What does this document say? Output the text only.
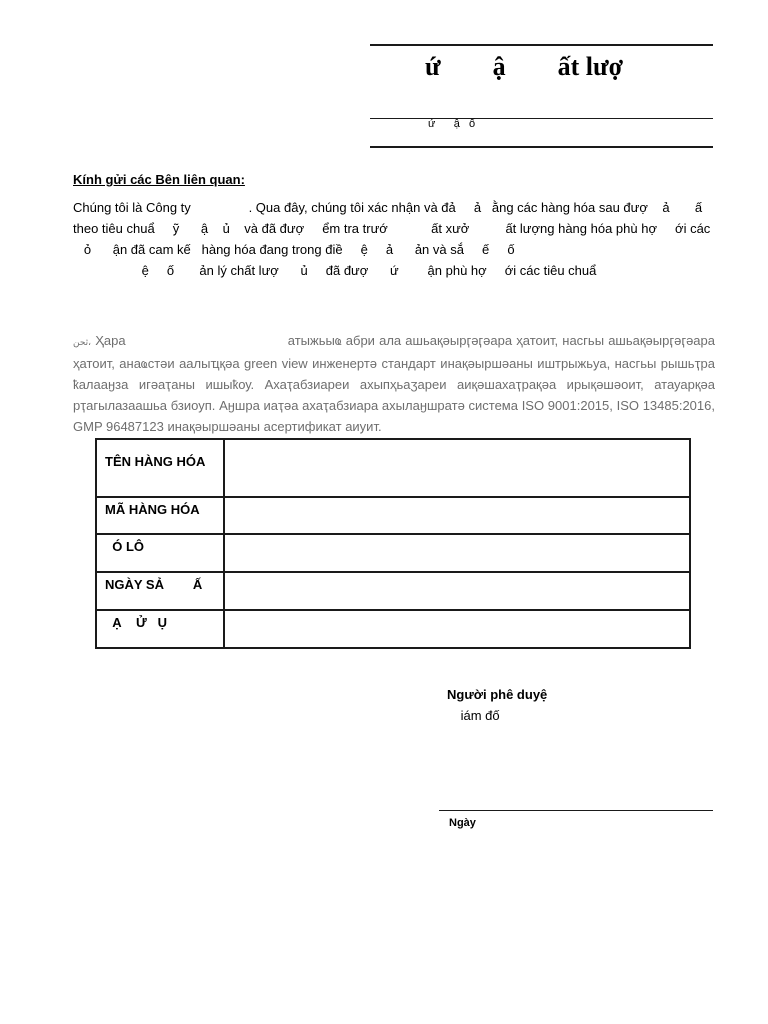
ứ        ậ        ất lượ
ứ      ậ   ố
Kính gửi các Bên liên quan:
Chúng tôi là Công ty                . Qua đây, chúng tôi xác nhận và đả     ả   ằng các hàng hóa sau đượ    ả       ấ
theo tiêu chuẩ     ỹ      ậ    ủ    và đã đượ     ểm tra trướ            ất xưở          ất lượng hàng hóa phù hợ     ới các
ỏ      ận đã cam kế   hàng hóa đang trong điề     ệ     ả      ản và sắ     ế     ố
ệ     ố       ản lý chất lượ      ủ     đã đượ      ứ        ận phù hợ     ới các tiêu chuẩ
ثحن، Ҳара                                       атыжьыҩ абри ала ашьақәырӷәӷәара ҳатоит, насгьы ашьақәырӷәӷәара ҳатоит, анаҩстәи аалыҵқәа green view инженертә стандарт инақәыршәаны иштрыжьуа, насгьы рышьҭра ҟалааӈза игәаҭаны ишыҟоу. Ахаҭабзиареи ахыпҳьаӡареи аиқәшахаҭрақәа ирықәшәоит, атауарқәа рҭагылазаашьа бзиоуп. Аӈшра иаҭәа ахаҭабзиара ахылаӈшратә система ISO 9001:2015, ISO 13485:2016, GMP 96487123 инақәыршәаны асертификат аиуит.
TÊN HÀNG HÓA	
MÃ HÀNG HÓA	
Ó LÔ	
NGÀY SẢ        Ấ	
Ạ    Ử   Ụ	
Người phê duyệ
iám đố
Ngày
